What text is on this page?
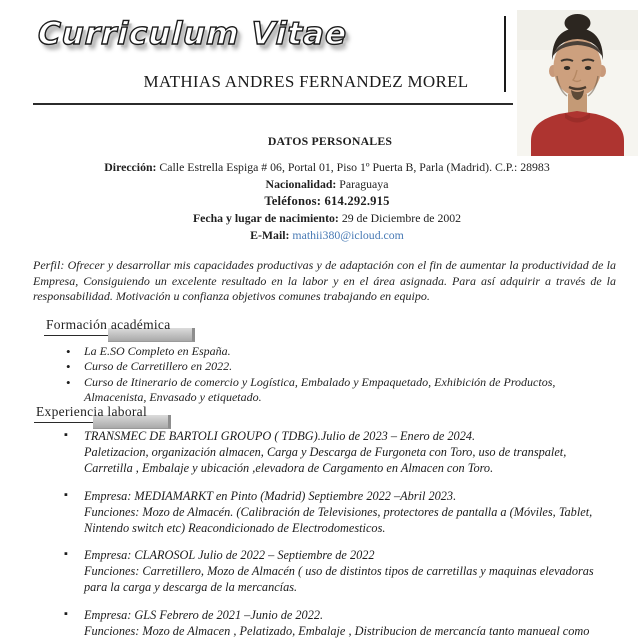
Curriculum Vitae
MATHIAS ANDRES FERNANDEZ MOREL
DATOS PERSONALES
Dirección: Calle Estrella Espiga # 06, Portal 01, Piso 1º Puerta B, Parla (Madrid). C.P.: 28983
Nacionalidad: Paraguaya
Teléfonos: 614.292.915
Fecha y lugar de nacimiento: 29 de Diciembre de 2002
E-Mail: mathii380@icloud.com

Perfil: Ofrecer y desarrollar mis capacidades productivas y de adaptación con el fin de aumentar la productividad de la Empresa, Consiguiendo un excelente resultado en la labor y en el área asignada. Para así adquirir a través de la responsabilidad. Motivación u confianza objetivos comunes trabajando en equipo.

Formación académica
• La E.SO Completo en España.
• Curso de Carretillero en 2022.
• Curso de Itinerario de comercio y Logística, Embalado y Empaquetado, Exhibición de Productos, Almacenista, Envasado y etiquetado.
Experiencia laboral
▪ TRANSMEC DE BARTOLI GROUPO ( TDBG).Julio de 2023 – Enero de 2024.
Paletizacion, organización almacen, Carga y Descarga de Furgoneta con Toro, uso de transpalet, Carretilla , Embalaje y ubicación ,elevadora de Cargamento en Almacen con Toro.
▪ Empresa: MEDIAMARKT en Pinto (Madrid) Septiembre 2022 –Abril 2023.
Funciones: Mozo de Almacén. (Calibración de Televisiones, protectores de pantalla a (Móviles, Tablet, Nintendo switch etc) Reacondicionado de Electrodomesticos.
▪ Empresa: CLAROSOL Julio de 2022 – Septiembre de 2022
Funciones: Carretillero, Mozo de Almacén ( uso de distintos tipos de carretillas y maquinas elevadoras para la carga y descarga de la mercancías.
▪ Empresa: GLS Febrero de 2021 –Junio de 2022.
Funciones: Mozo de Almacen , Pelatizado, Embalaje , Distribucion de mercancía tanto manueal como
